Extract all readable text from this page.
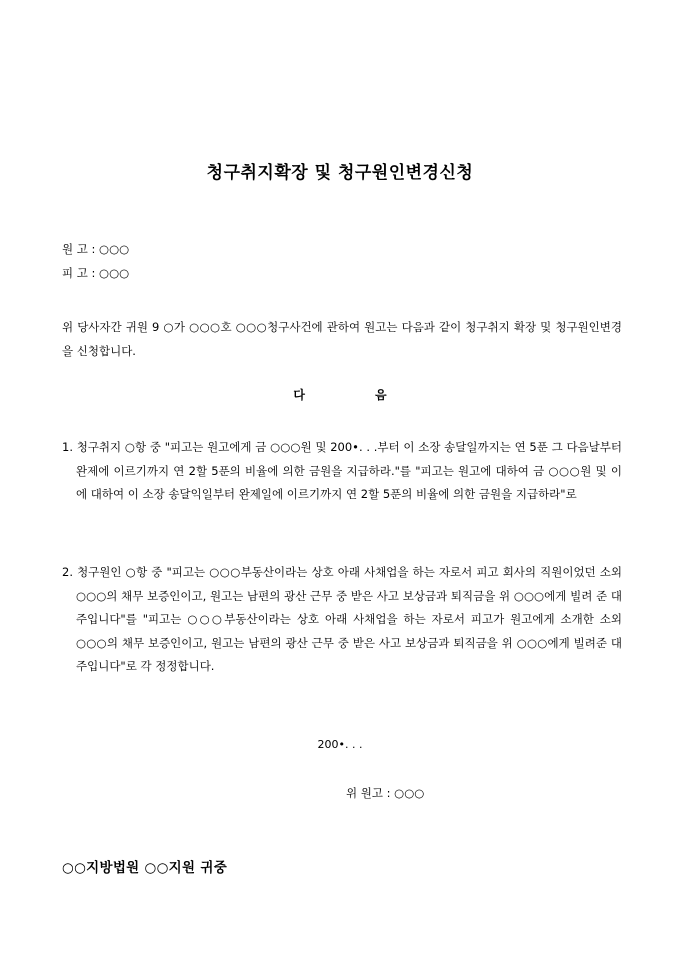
청구취지확장 및 청구원인변경신청
원 고 : ○○○
피 고 : ○○○
위 당사자간 귀원 9 ○가 ○○○호 ○○○청구사건에 관하여 원고는 다음과 같이 청구취지 확장 및 청구원인변경을 신청합니다.
다	음
1. 청구취지 ○항 중 "피고는 원고에게 금 ○○○원 및 200•. . .부터 이 소장 송달일까지는 연 5푼 그 다음날부터 완제에 이르기까지 연 2할 5푼의 비율에 의한 금원을 지급하라."를 "피고는 원고에 대하여 금 ○○○원 및 이에 대하여 이 소장 송달익일부터 완제일에 이르기까지 연 2할 5푼의 비율에 의한 금원을 지급하라"로
2. 청구원인 ○항 중 "피고는 ○○○부동산이라는 상호 아래 사채업을 하는 자로서 피고 회사의 직원이었던 소외 ○○○의 채무 보증인이고, 원고는 남편의 광산 근무 중 받은 사고 보상금과 퇴직금을 위 ○○○에게 빌려 준 대주입니다"를 "피고는 ○○○부동산이라는 상호 아래 사채업을 하는 자로서 피고가 원고에게 소개한 소외 ○○○의 채무 보증인이고, 원고는 남편의 광산 근무 중 받은 사고 보상금과 퇴직금을 위 ○○○에게 빌려준 대주입니다"로 각 정정합니다.
200•. . .
위 원고 : ○○○
○○지방법원 ○○지원 귀중
